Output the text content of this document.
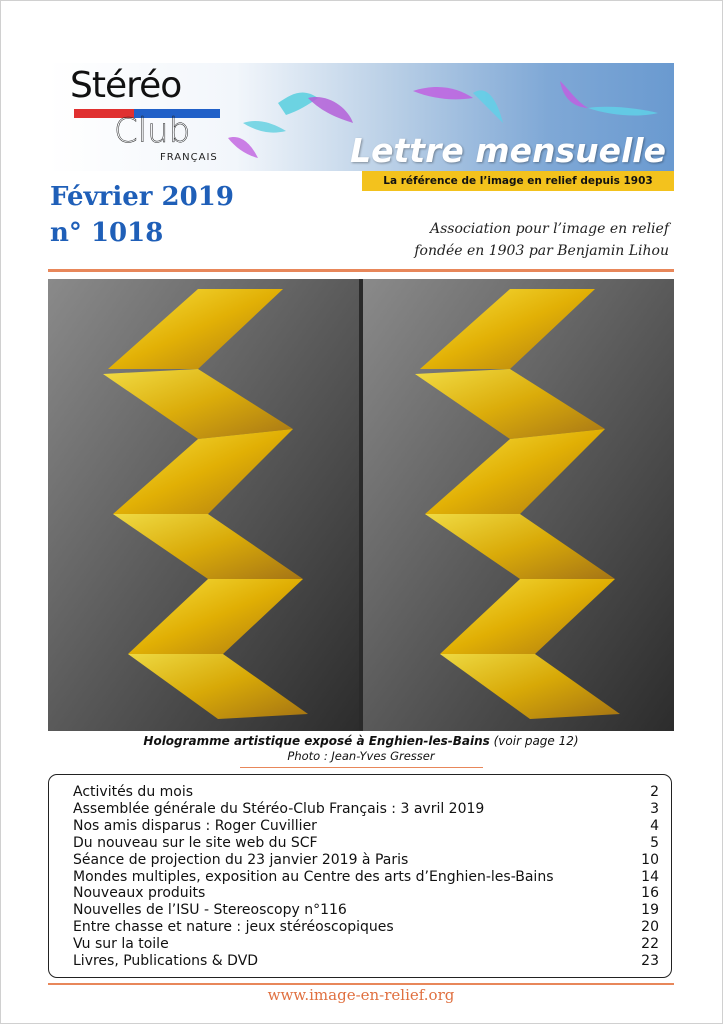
Stéréo
Club
FRANÇAIS	Lettre mensuelle
La référence de l’image en relief depuis 1903
Février 2019
n° 1018	Association pour l’image en relief
fondée en 1903 par Benjamin Lihou
Hologramme artistique exposé à Enghien-les-Bains (voir page 12)
Photo : Jean-Yves Gresser
Activités du mois	2
Assemblée générale du Stéréo-Club Français : 3 avril 2019	3
Nos amis disparus : Roger Cuvillier	4
Du nouveau sur le site web du SCF	5
Séance de projection du 23 janvier 2019 à Paris	10
Mondes multiples, exposition au Centre des arts d’Enghien-les-Bains	14
Nouveaux produits	16
Nouvelles de l’ISU - Stereoscopy n°116	19
Entre chasse et nature : jeux stéréoscopiques	20
Vu sur la toile	22
Livres, Publications & DVD	23
www.image-en-relief.org
